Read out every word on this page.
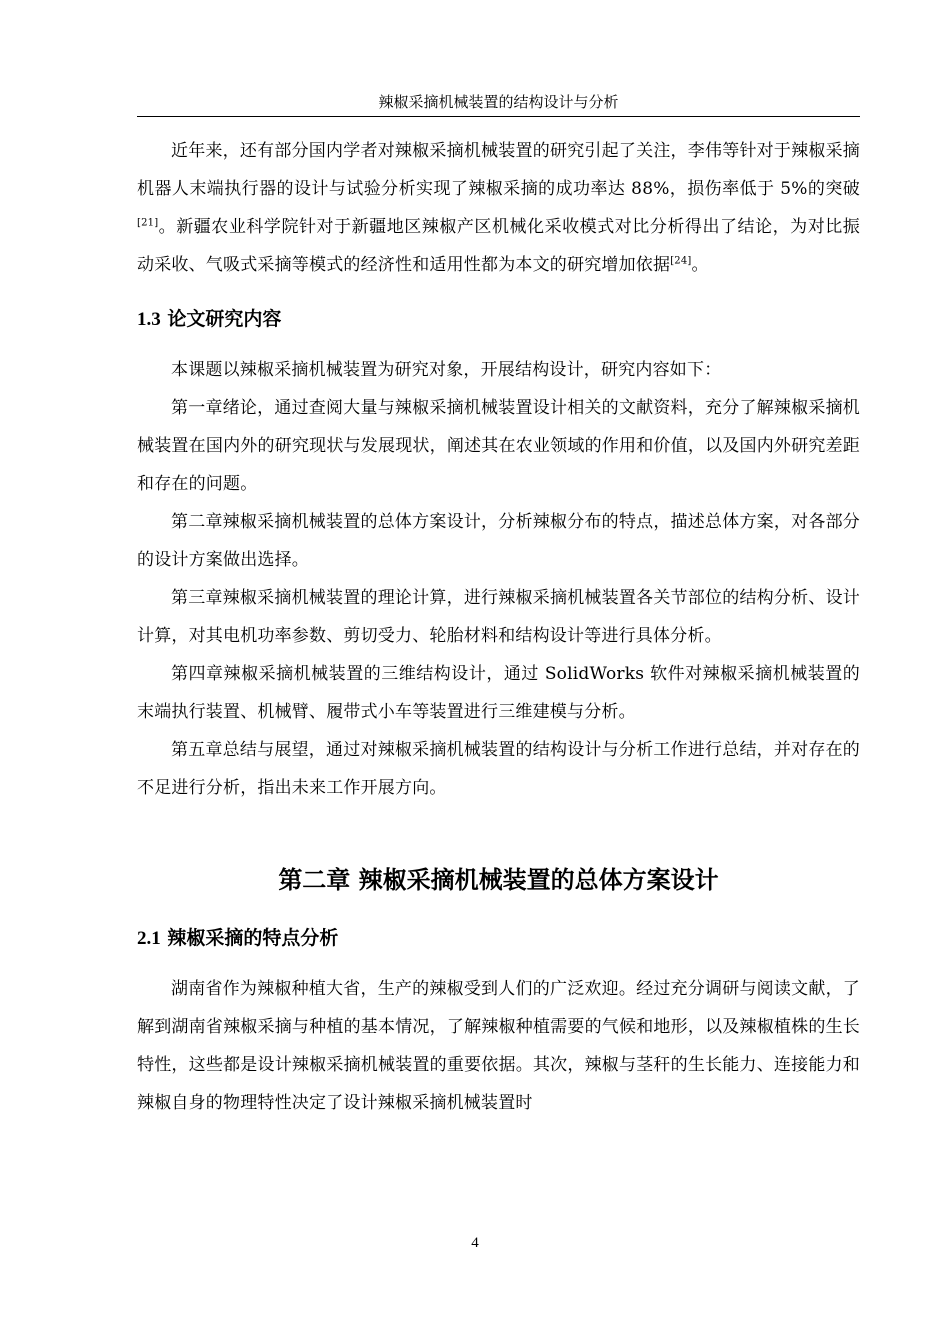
辣椒采摘机械装置的结构设计与分析

近年来，还有部分国内学者对辣椒采摘机械装置的研究引起了关注，李伟等针对于辣椒采摘机器人末端执行器的设计与试验分析实现了辣椒采摘的成功率达 88%，损伤率低于 5%的突破[21]。新疆农业科学院针对于新疆地区辣椒产区机械化采收模式对比分析得出了结论，为对比振动采收、气吸式采摘等模式的经济性和适用性都为本文的研究增加依据[24]。

1.3 论文研究内容

本课题以辣椒采摘机械装置为研究对象，开展结构设计，研究内容如下：

第一章绪论，通过查阅大量与辣椒采摘机械装置设计相关的文献资料，充分了解辣椒采摘机械装置在国内外的研究现状与发展现状，阐述其在农业领域的作用和价值，以及国内外研究差距和存在的问题。

第二章辣椒采摘机械装置的总体方案设计，分析辣椒分布的特点，描述总体方案，对各部分的设计方案做出选择。

第三章辣椒采摘机械装置的理论计算，进行辣椒采摘机械装置各关节部位的结构分析、设计计算，对其电机功率参数、剪切受力、轮胎材料和结构设计等进行具体分析。

第四章辣椒采摘机械装置的三维结构设计，通过 SolidWorks 软件对辣椒采摘机械装置的末端执行装置、机械臂、履带式小车等装置进行三维建模与分析。

第五章总结与展望，通过对辣椒采摘机械装置的结构设计与分析工作进行总结，并对存在的不足进行分析，指出未来工作开展方向。

第二章 辣椒采摘机械装置的总体方案设计
2.1 辣椒采摘的特点分析

湖南省作为辣椒种植大省，生产的辣椒受到人们的广泛欢迎。经过充分调研与阅读文献，了解到湖南省辣椒采摘与种植的基本情况，了解辣椒种植需要的气候和地形，以及辣椒植株的生长特性，这些都是设计辣椒采摘机械装置的重要依据。其次，辣椒与茎秆的生长能力、连接能力和辣椒自身的物理特性决定了设计辣椒采摘机械装置时

4
